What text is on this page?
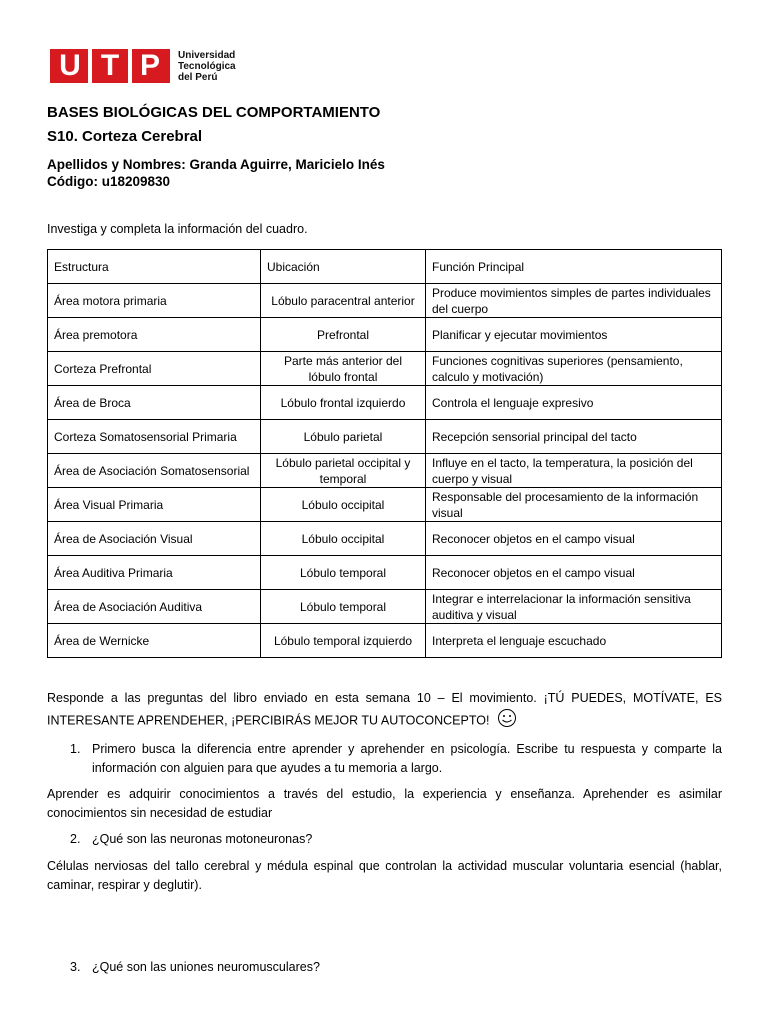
U T P	Universidad
Tecnológica
del Perú
BASES BIOLÓGICAS DEL COMPORTAMIENTO
S10. Corteza Cerebral
Apellidos y Nombres: Granda Aguirre, Maricielo Inés
Código: u18209830
Investiga y completa la información del cuadro.
Estructura	Ubicación	Función Principal
Área motora primaria	Lóbulo paracentral anterior	Produce movimientos simples de partes individuales del cuerpo
Área premotora	Prefrontal	Planificar y ejecutar movimientos
Corteza Prefrontal	Parte más anterior del lóbulo frontal	Funciones cognitivas superiores (pensamiento, calculo y motivación)
Área de Broca	Lóbulo frontal izquierdo	Controla el lenguaje expresivo
Corteza Somatosensorial Primaria	Lóbulo parietal	Recepción sensorial principal del tacto
Área de Asociación Somatosensorial	Lóbulo parietal occipital y temporal	Influye en el tacto, la temperatura, la posición del cuerpo y visual
Área Visual Primaria	Lóbulo occipital	Responsable del procesamiento de la información visual
Área de Asociación Visual	Lóbulo occipital	Reconocer objetos en el campo visual
Área Auditiva Primaria	Lóbulo temporal	Reconocer objetos en el campo visual
Área de Asociación Auditiva	Lóbulo temporal	Integrar e interrelacionar la información sensitiva auditiva y visual
Área de Wernicke	Lóbulo temporal izquierdo	Interpreta el lenguaje escuchado
Responde a las preguntas del libro enviado en esta semana 10 – El movimiento. ¡TÚ PUEDES, MOTÍVATE, ES INTERESANTE APRENDEHER, ¡PERCIBIRÁS MEJOR TU AUTOCONCEPTO!
1. Primero busca la diferencia entre aprender y aprehender en psicología. Escribe tu respuesta y comparte la información con alguien para que ayudes a tu memoria a largo.
Aprender es adquirir conocimientos a través del estudio, la experiencia y enseñanza. Aprehender es asimilar conocimientos sin necesidad de estudiar
2. ¿Qué son las neuronas motoneuronas?
Células nerviosas del tallo cerebral y médula espinal que controlan la actividad muscular voluntaria esencial (hablar, caminar, respirar y deglutir).
3. ¿Qué son las uniones neuromusculares?
